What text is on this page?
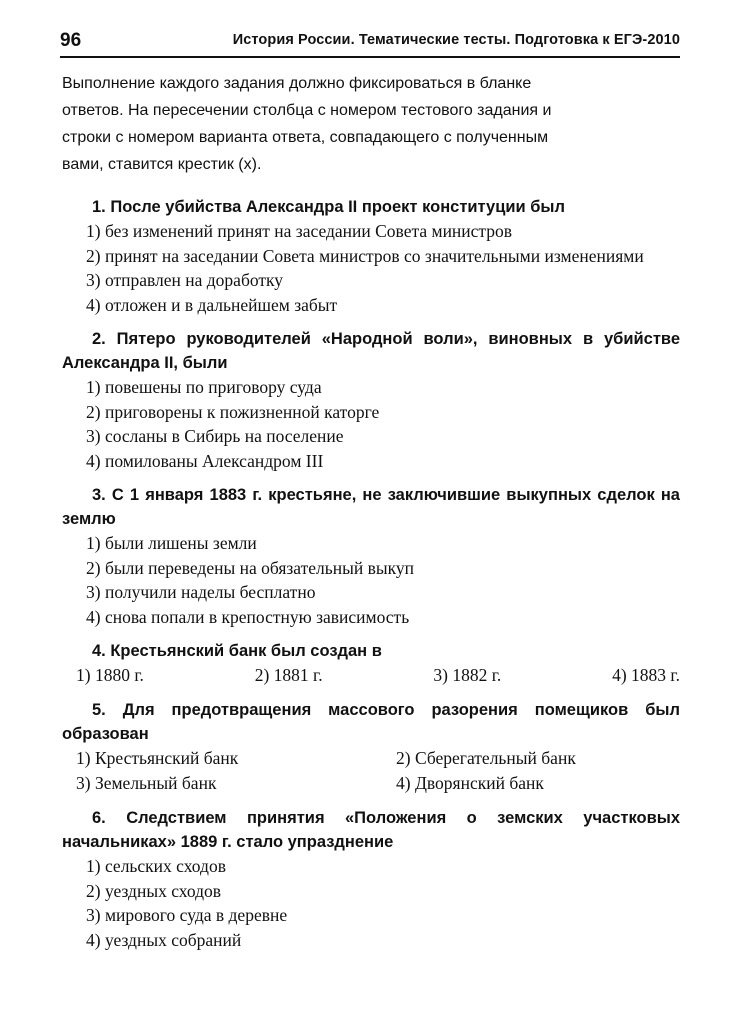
96	История России. Тематические тесты. Подготовка к ЕГЭ-2010
Выполнение каждого задания должно фиксироваться в бланке
ответов. На пересечении столбца с номером тестового задания и
строки с номером варианта ответа, совпадающего с полученным
вами, ставится крестик (х).
1. После убийства Александра II проект конституции был
1) без изменений принят на заседании Совета министров
2) принят на заседании Совета министров со значительными изменениями
3) отправлен на доработку
4) отложен и в дальнейшем забыт
2. Пятеро руководителей «Народной воли», виновных в убийстве Александра II, были
1) повешены по приговору суда
2) приговорены к пожизненной каторге
3) сосланы в Сибирь на поселение
4) помилованы Александром III
3. С 1 января 1883 г. крестьяне, не заключившие выкупных сделок на землю
1) были лишены земли
2) были переведены на обязательный выкуп
3) получили наделы бесплатно
4) снова попали в крепостную зависимость
4. Крестьянский банк был создан в
1) 1880 г.	2) 1881 г.	3) 1882 г.	4) 1883 г.
5. Для предотвращения массового разорения помещиков был образован
1) Крестьянский банк	2) Сберегательный банк
3) Земельный банк	4) Дворянский банк
6. Следствием принятия «Положения о земских участковых начальниках» 1889 г. стало упразднение
1) сельских сходов
2) уездных сходов
3) мирового суда в деревне
4) уездных собраний
